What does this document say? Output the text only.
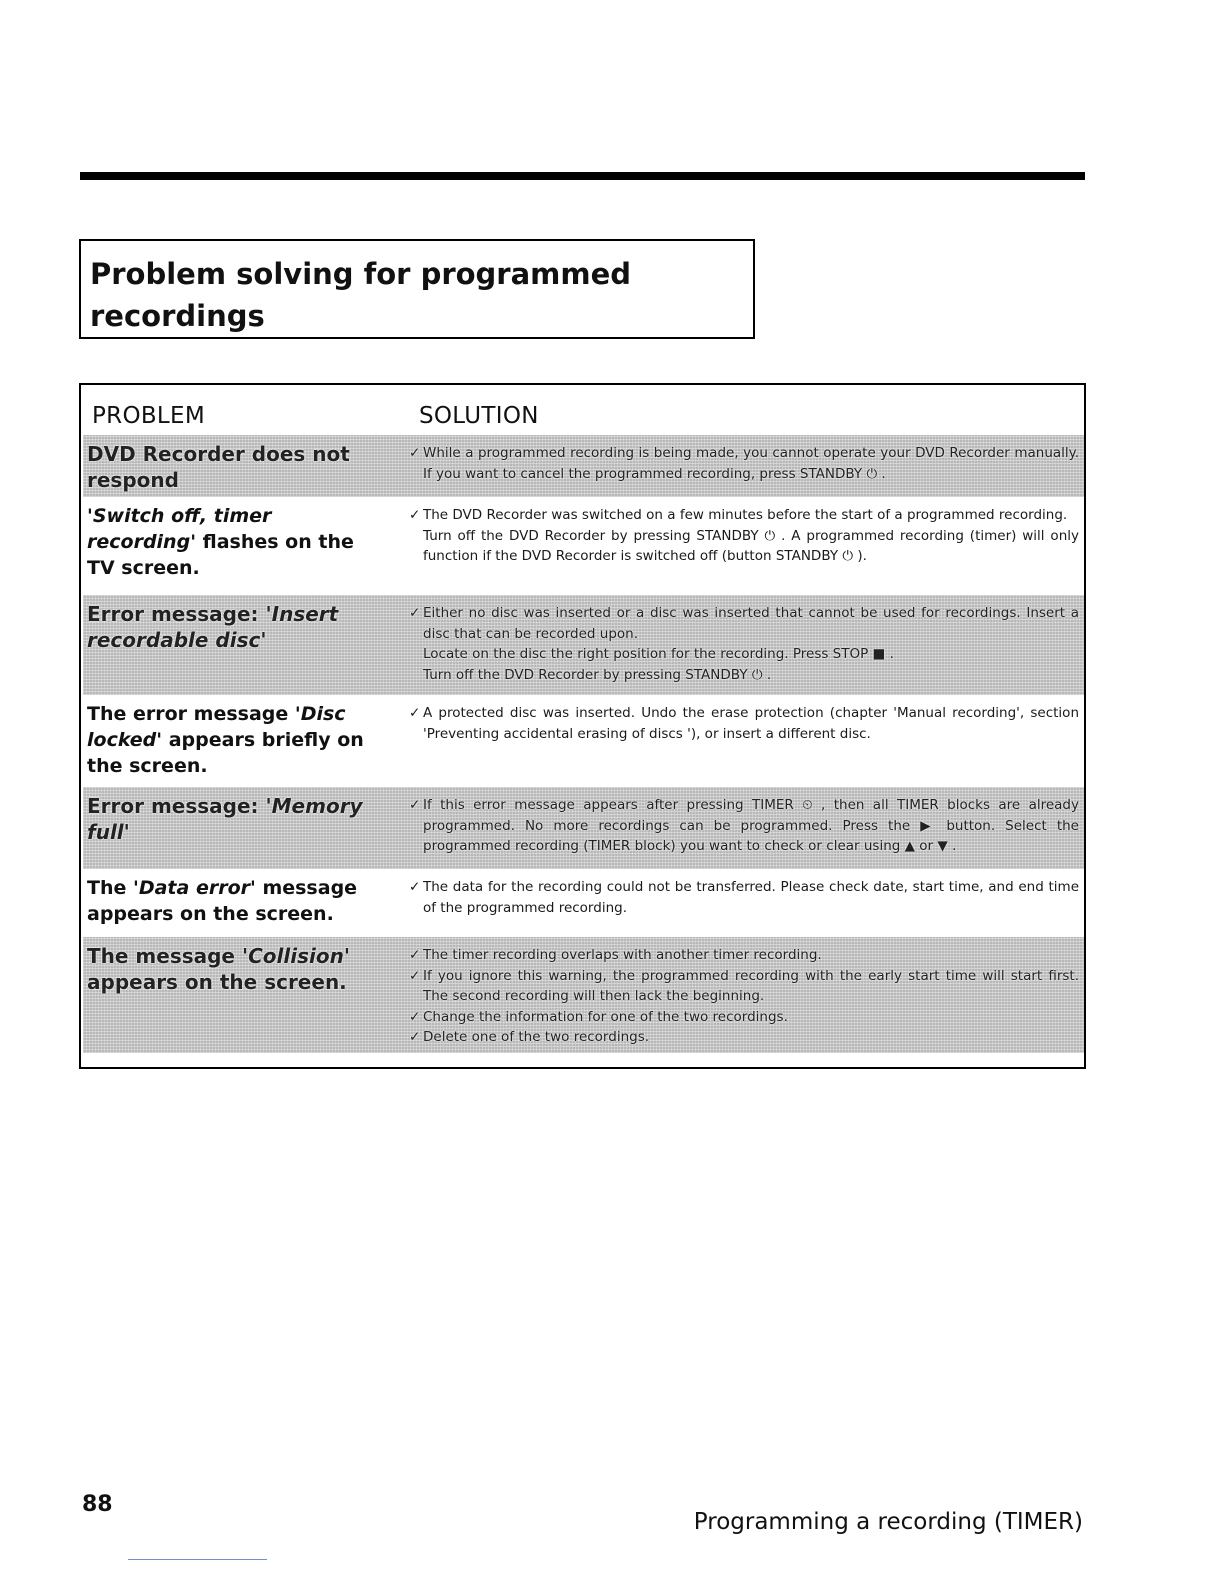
Problem solving for programmed
recordings
PROBLEM	SOLUTION
DVD Recorder does not respond

✓ While a programmed recording is being made, you cannot operate your DVD Recorder manually. If you want to cancel the programmed recording, press STANDBY ⏻ .

'Switch off, timer recording' flashes on the TV screen.

✓ The DVD Recorder was switched on a few minutes before the start of a programmed recording.

Turn off the DVD Recorder by pressing STANDBY ⏻ . A programmed recording (timer) will only function if the DVD Recorder is switched off (button STANDBY ⏻ ).

Error message: 'Insert recordable disc'

✓ Either no disc was inserted or a disc was inserted that cannot be used for recordings. Insert a disc that can be recorded upon.

Locate on the disc the right position for the recording. Press STOP ■ .

Turn off the DVD Recorder by pressing STANDBY ⏻ .

The error message 'Disc locked' appears briefly on the screen.

✓ A protected disc was inserted. Undo the erase protection (chapter 'Manual recording', section 'Preventing accidental erasing of discs '), or insert a different disc.

Error message: 'Memory full'

✓ If this error message appears after pressing TIMER ⏲ , then all TIMER blocks are already programmed. No more recordings can be programmed. Press the ▶ button. Select the programmed recording (TIMER block) you want to check or clear using ▲ or ▼ .

The 'Data error' message appears on the screen.

✓ The data for the recording could not be transferred. Please check date, start time, and end time of the programmed recording.

The message 'Collision' appears on the screen.

✓ The timer recording overlaps with another timer recording.

✓ If you ignore this warning, the programmed recording with the early start time will start first. The second recording will then lack the beginning.

✓ Change the information for one of the two recordings.

✓ Delete one of the two recordings.

88
Programming a recording (TIMER)
